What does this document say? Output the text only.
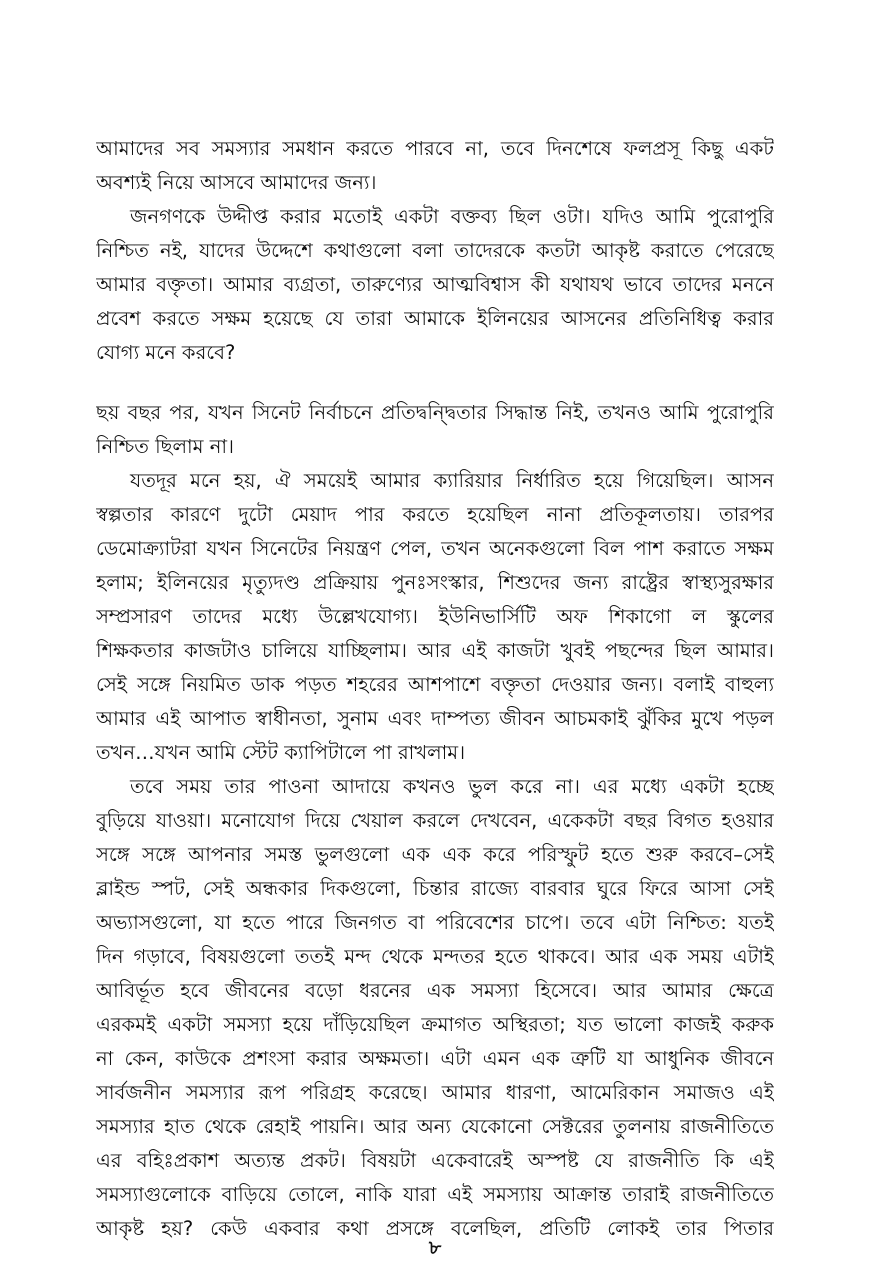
আমাদের সব সমস্যার সমধান করতে পারবে না, তবে দিনশেষে ফলপ্রসূ কিছু একট
অবশ্যই নিয়ে আসবে আমাদের জন্য।
জনগণকে উদ্দীপ্ত করার মতোই একটা বক্তব্য ছিল ওটা। যদিও আমি পুরোপুরি
নিশ্চিত নই, যাদের উদ্দেশে কথাগুলো বলা তাদেরকে কতটা আকৃষ্ট করাতে পেরেছে
আমার বক্তৃতা। আমার ব্যগ্রতা, তারুণ্যের আত্মবিশ্বাস কী যথাযথ ভাবে তাদের মননে
প্রবেশ করতে সক্ষম হয়েছে যে তারা আমাকে ইলিনয়ের আসনের প্রতিনিধিত্ব করার
যোগ্য মনে করবে?
ছয় বছর পর, যখন সিনেট নির্বাচনে প্রতিদ্বন্দ্বিতার সিদ্ধান্ত নিই, তখনও আমি পুরোপুরি
নিশ্চিত ছিলাম না।
যতদূর মনে হয়, ঐ সময়েই আমার ক্যারিয়ার নির্ধারিত হয়ে গিয়েছিল। আসন
স্বল্পতার কারণে দুটো মেয়াদ পার করতে হয়েছিল নানা প্রতিকূলতায়। তারপর
ডেমোক্র্যাটরা যখন সিনেটের নিয়ন্ত্রণ পেল, তখন অনেকগুলো বিল পাশ করাতে সক্ষম
হলাম; ইলিনয়ের মৃত্যুদণ্ড প্রক্রিয়ায় পুনঃসংস্কার, শিশুদের জন্য রাষ্ট্রের স্বাস্থ্যসুরক্ষার
সম্প্রসারণ তাদের মধ্যে উল্লেখযোগ্য। ইউনিভার্সিটি অফ শিকাগো ল স্কুলের
শিক্ষকতার কাজটাও চালিয়ে যাচ্ছিলাম। আর এই কাজটা খুবই পছন্দের ছিল আমার।
সেই সঙ্গে নিয়মিত ডাক পড়ত শহরের আশপাশে বক্তৃতা দেওয়ার জন্য। বলাই বাহুল্য
আমার এই আপাত স্বাধীনতা, সুনাম এবং দাম্পত্য জীবন আচমকাই ঝুঁকির মুখে পড়ল
তখন…যখন আমি স্টেট ক্যাপিটালে পা রাখলাম।
তবে সময় তার পাওনা আদায়ে কখনও ভুল করে না। এর মধ্যে একটা হচ্ছে
বুড়িয়ে যাওয়া। মনোযোগ দিয়ে খেয়াল করলে দেখবেন, একেকটা বছর বিগত হওয়ার
সঙ্গে সঙ্গে আপনার সমস্ত ভুলগুলো এক এক করে পরিস্ফুট হতে শুরু করবে–সেই
ব্লাইন্ড স্পট, সেই অন্ধকার দিকগুলো, চিন্তার রাজ্যে বারবার ঘুরে ফিরে আসা সেই
অভ্যাসগুলো, যা হতে পারে জিনগত বা পরিবেশের চাপে। তবে এটা নিশ্চিত: যতই
দিন গড়াবে, বিষয়গুলো ততই মন্দ থেকে মন্দতর হতে থাকবে। আর এক সময় এটাই
আবির্ভূত হবে জীবনের বড়ো ধরনের এক সমস্যা হিসেবে। আর আমার ক্ষেত্রে
এরকমই একটা সমস্যা হয়ে দাঁড়িয়েছিল ক্রমাগত অস্থিরতা; যত ভালো কাজই করুক
না কেন, কাউকে প্রশংসা করার অক্ষমতা। এটা এমন এক ত্রুটি যা আধুনিক জীবনে
সার্বজনীন সমস্যার রূপ পরিগ্রহ করেছে। আমার ধারণা, আমেরিকান সমাজও এই
সমস্যার হাত থেকে রেহাই পায়নি। আর অন্য যেকোনো সেক্টরের তুলনায় রাজনীতিতে
এর বহিঃপ্রকাশ অত্যন্ত প্রকট। বিষয়টা একেবারেই অস্পষ্ট যে রাজনীতি কি এই
সমস্যাগুলোকে বাড়িয়ে তোলে, নাকি যারা এই সমস্যায় আক্রান্ত তারাই রাজনীতিতে
আকৃষ্ট হয়? কেউ একবার কথা প্রসঙ্গে বলেছিল, প্রতিটি লোকই তার পিতার
৮
